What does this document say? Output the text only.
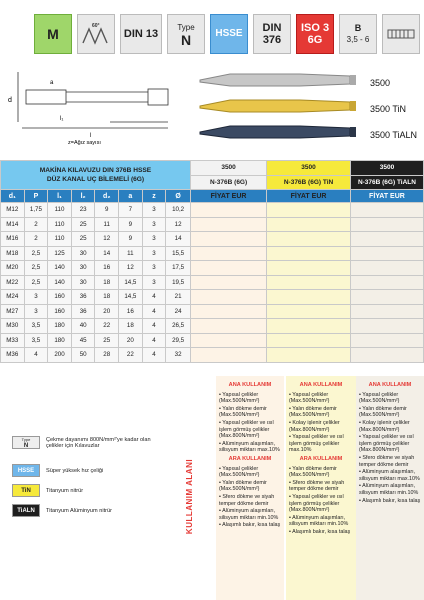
M	60°
DIN 13
Type
N HSSE DIN
376
ISO 3
6G
B
3,5 - 6
d
l₁
l
a
z=Ağız sayısı
3500
3500 TiN
3500 TiALN
MAKİNA KILAVUZU DIN 376B HSSE
DÜZ KANAL UÇ BİLEMELİ (6G)								3500	3500	3500
								N-376B (6G)	N-376B (6G) TiN	N-376B (6G) TiALN
d₁	P	l₁	l₂	d₂	a	z	Ø	FİYAT EUR	FİYAT EUR	FİYAT EUR
M12	1,75	110	23	9	7	3	10,2			
M14	2	110	25	11	9	3	12			
M16	2	110	25	12	9	3	14			
M18	2,5	125	30	14	11	3	15,5			
M20	2,5	140	30	16	12	3	17,5			
M22	2,5	140	30	18	14,5	3	19,5			
M24	3	160	36	18	14,5	4	21			
M27	3	160	36	20	16	4	24			
M30	3,5	180	40	22	18	4	26,5			
M33	3,5	180	45	25	20	4	29,5			
M36	4	200	50	28	22	4	32			
Type
N
Çekme dayanımı 800N/mm²'ye kadar olan çelikler için Kılavuzlar
HSSE	Süper yüksek hız çeliği
TiN	Titanyum nitrür
TiALN	Titanyum Alüminyum nitrür	KULLANIM ALANI
ANA KULLANIM
• Yapısal çelikler (Max.500N/mm²)
• Yalın dökme demir (Max.500N/mm²)
• Yapısal çelikler ve ısıl işlem görmüş çelikler (Max.800N/mm²)
• Alüminyum alaşımları, silisyum miktarı max.10%
ARA KULLANIM
• Yapısal çelikler (Max.500N/mm²)
• Yalın dökme demir (Max.500N/mm²)
• Sfero dökme ve siyah temper dökme demir
• Alüminyum alaşımları, silisyum miktarı min.10%
• Alaşımlı bakır, kısa talaş
ANA KULLANIM
• Yapısal çelikler (Max.500N/mm²)
• Yalın dökme demir (Max.500N/mm²)
• Kolay işlenir çelikler (Max.800N/mm²)
• Yapısal çelikler ve ısıl işlem görmüş çelikler max.10%
ARA KULLANIM
• Yalın dökme demir (Max.500N/mm²)
• Sfero dökme ve siyah temper dökme demir
• Yapısal çelikler ve ısıl işlem görmüş çelikler (Max.800N/mm²)
• Alüminyum alaşımları, silisyum miktarı min.10%
• Alaşımlı bakır, kısa talaş
ANA KULLANIM
• Yapısal çelikler (Max.500N/mm²)
• Yalın dökme demir (Max.500N/mm²)
• Kolay işlenir çelikler (Max.800N/mm²)
• Yapısal çelikler ve ısıl işlem görmüş çelikler (Max.800N/mm²)
• Sfero dökme ve siyah temper dökme demir
• Alüminyum alaşımları, silisyum miktarı max.10%
• Alüminyum alaşımları, silisyum miktarı min.10%
• Alaşımlı bakır, kısa talaş
